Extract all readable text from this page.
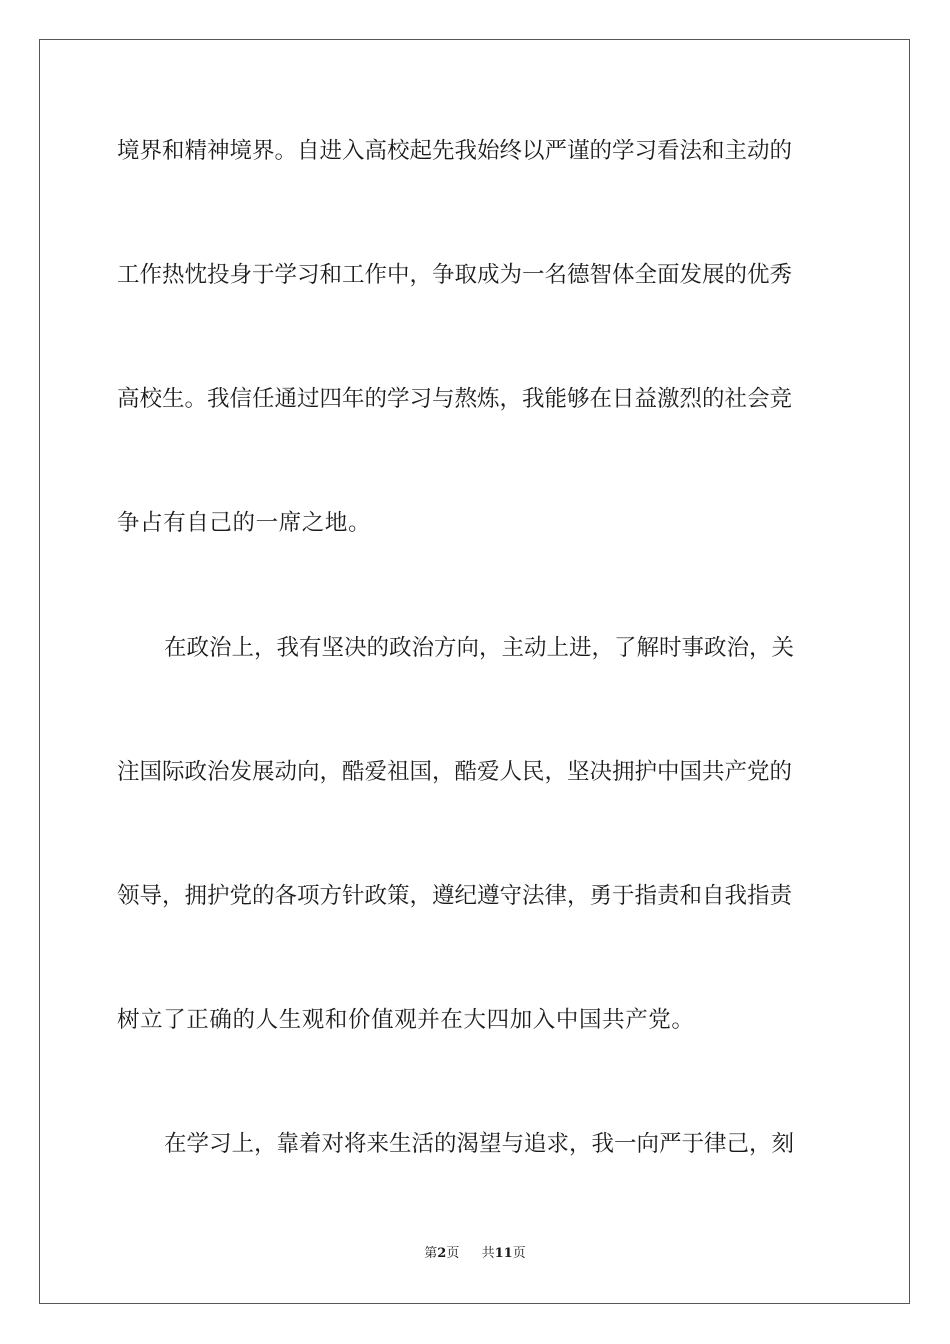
境界和精神境界。自进入高校起先我始终以严谨的学习看法和主动的
工作热忱投身于学习和工作中，争取成为一名德智体全面发展的优秀
高校生。我信任通过四年的学习与熬炼，我能够在日益激烈的社会竞
争占有自己的一席之地。
在政治上，我有坚决的政治方向，主动上进，了解时事政治，关
注国际政治发展动向，酷爱祖国，酷爱人民，坚决拥护中国共产党的
领导，拥护党的各项方针政策，遵纪遵守法律，勇于指责和自我指责
树立了正确的人生观和价值观并在大四加入中国共产党。
在学习上，靠着对将来生活的渴望与追求，我一向严于律己，刻
第2页 共11页
